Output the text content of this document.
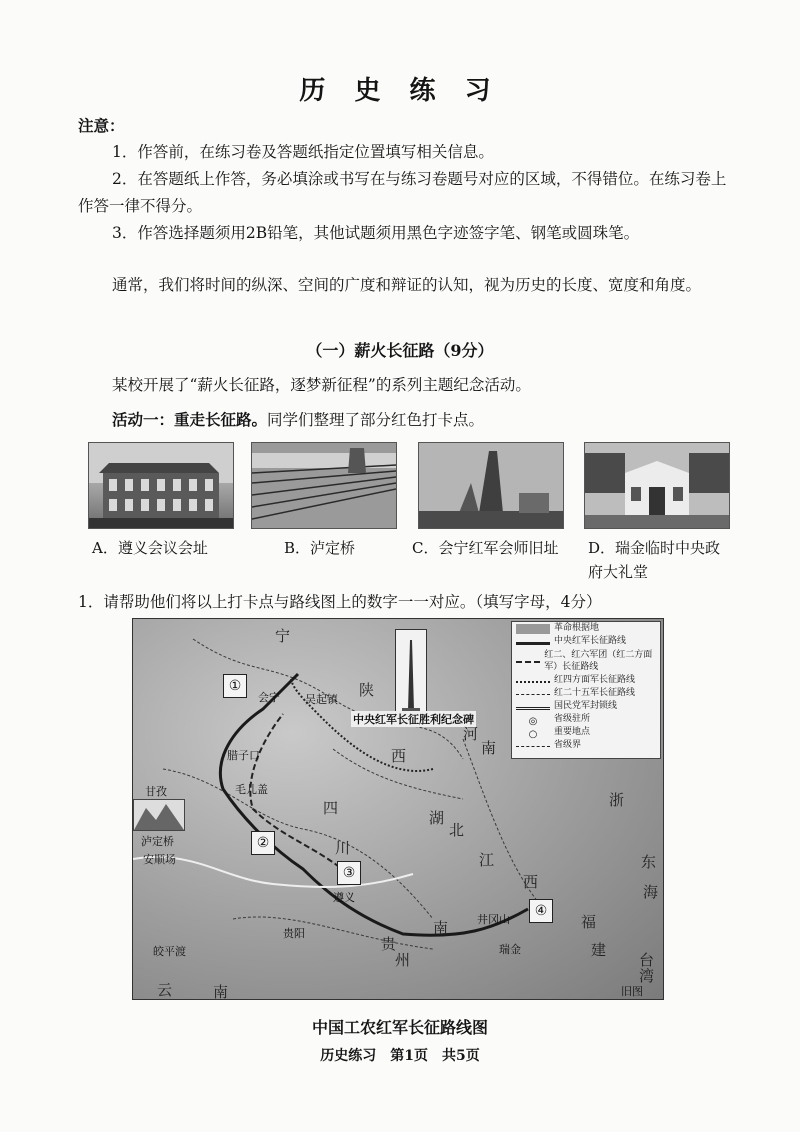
历 史 练 习
注意：
1．作答前，在练习卷及答题纸指定位置填写相关信息。
2．在答题纸上作答，务必填涂或书写在与练习卷题号对应的区域，不得错位。在练习卷上作答一律不得分。
3．作答选择题须用2B铅笔，其他试题须用黑色字迹签字笔、钢笔或圆珠笔。
通常，我们将时间的纵深、空间的广度和辩证的认知，视为历史的长度、宽度和角度。
（一）薪火长征路（9分）
某校开展了“薪火长征路，逐梦新征程”的系列主题纪念活动。
活动一：重走长征路。同学们整理了部分红色打卡点。
A．遵义会议会址	B．泸定桥	C．会宁红军会师旧址 D．瑞金临时中央政府大礼堂
1．请帮助他们将以上打卡点与路线图上的数字一一对应。（填写字母，4分）
中央红军长征胜利纪念碑
①
②
③
④
会宁 吴起镇
腊子口
毛儿盖
甘孜
泸定桥
安顺场
遵义
贵阳
皎平渡
井冈山
瑞金
宁
陕
西
河
南
四
川
湖
北
南
贵
州
云	南
江
西
福
建
浙
东
海
台
湾
旧图
革命根据地
中央红军长征路线
红二、红六军团（红二方面军）长征路线
红四方面军长征路线
红二十五军长征路线
国民党军封锁线
◎	省级驻所
○	重要地点
省级界
中国工农红军长征路线图
历史练习　第1页　共5页
